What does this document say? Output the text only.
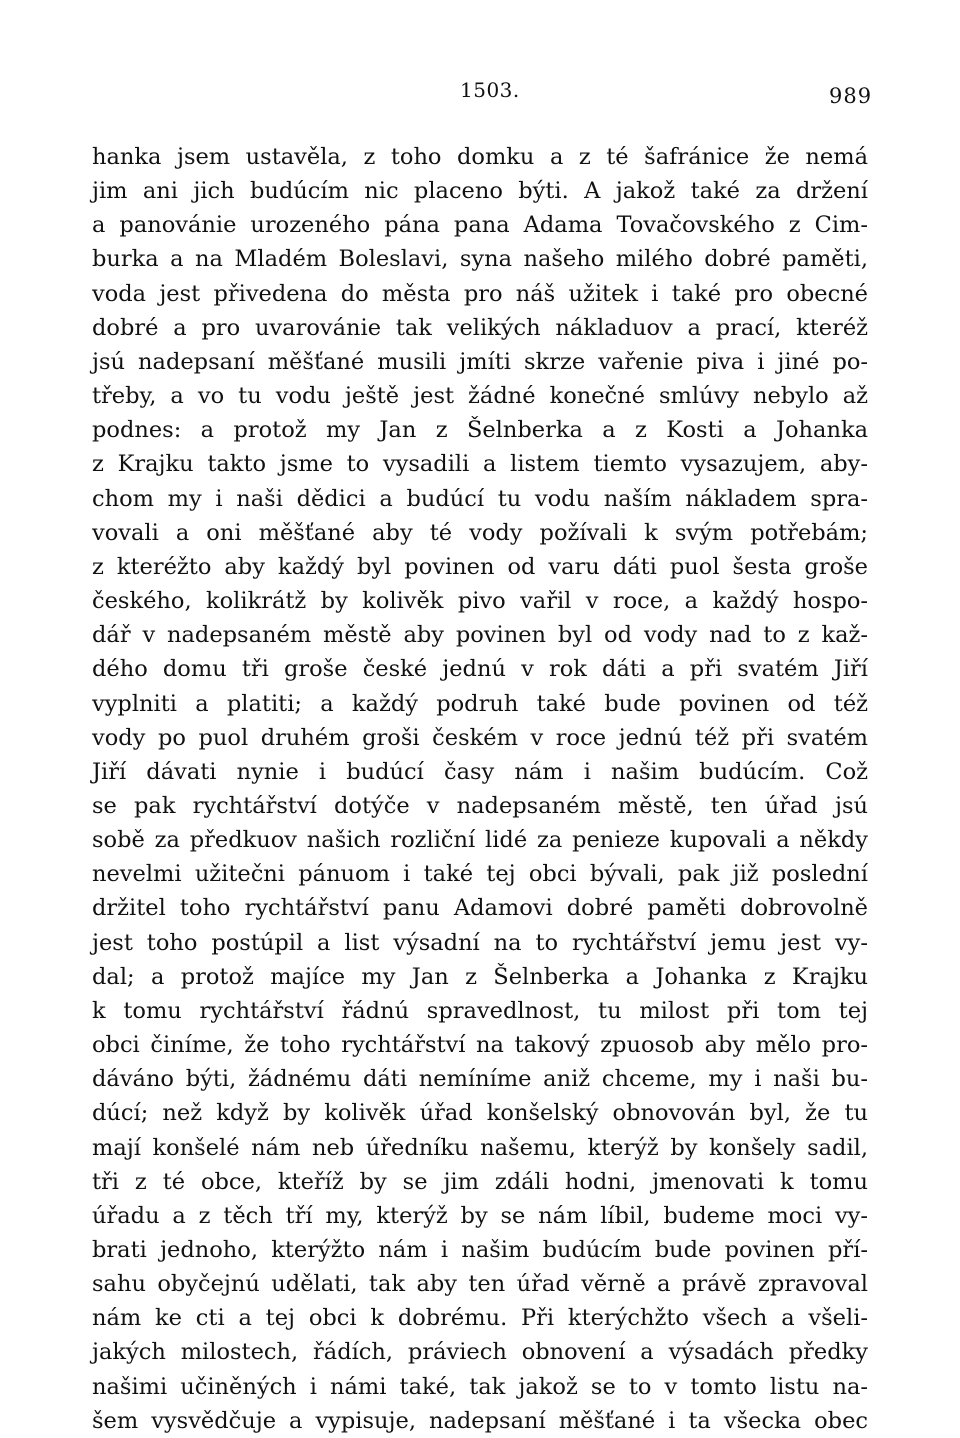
1503.	989
hanka jsem ustavěla, z toho domku a z té šafránice že nemá
jim ani jich budúcím nic placeno býti. A jakož také za držení
a panovánie urozeného pána pana Adama Tovačovského z Cim-
burka a na Mladém Boleslavi, syna našeho milého dobré paměti,
voda jest přivedena do města pro náš užitek i také pro obecné
dobré a pro uvarovánie tak velikých nákladuov a prací, kteréž
jsú nadepsaní měšťané musili jmíti skrze vařenie piva i jiné po-
třeby, a vo tu vodu ještě jest žádné konečné smlúvy nebylo až
podnes: a protož my Jan z Šelnberka a z Kosti a Johanka
z Krajku takto jsme to vysadili a listem tiemto vysazujem, aby-
chom my i naši dědici a budúcí tu vodu naším nákladem spra-
vovali a oni měšťané aby té vody požívali k svým potřebám;
z kteréžto aby každý byl povinen od varu dáti puol šesta groše
českého, kolikrátž by kolivěk pivo vařil v roce, a každý hospo-
dář v nadepsaném městě aby povinen byl od vody nad to z kaž-
dého domu tři groše české jednú v rok dáti a při svatém Jiří
vyplniti a platiti; a každý podruh také bude povinen od též
vody po puol druhém groši českém v roce jednú též při svatém
Jiří dávati nynie i budúcí časy nám i našim budúcím. Což
se pak rychtářství dotýče v nadepsaném městě, ten úřad jsú
sobě za předkuov našich rozliční lidé za penieze kupovali a někdy
nevelmi užitečni pánuom i také tej obci bývali, pak již poslední
držitel toho rychtářství panu Adamovi dobré paměti dobrovolně
jest toho postúpil a list výsadní na to rychtářství jemu jest vy-
dal; a protož majíce my Jan z Šelnberka a Johanka z Krajku
k tomu rychtářství řádnú spravedlnost, tu milost při tom tej
obci činíme, že toho rychtářství na takový zpuosob aby mělo pro-
dáváno býti, žádnému dáti nemíníme aniž chceme, my i naši bu-
dúcí; než když by kolivěk úřad konšelský obnovován byl, že tu
mají konšelé nám neb úředníku našemu, kterýž by konšely sadil,
tři z té obce, kteříž by se jim zdáli hodni, jmenovati k tomu
úřadu a z těch tří my, kterýž by se nám líbil, budeme moci vy-
brati jednoho, kterýžto nám i našim budúcím bude povinen pří-
sahu obyčejnú udělati, tak aby ten úřad věrně a právě zpravoval
nám ke cti a tej obci k dobrému. Při kterýchžto všech a všeli-
jakých milostech, řádích, práviech obnovení a výsadách předky
našimi učiněných i námi také, tak jakož se to v tomto listu na-
šem vysvědčuje a vypisuje, nadepsaní měšťané i ta všecka obec
